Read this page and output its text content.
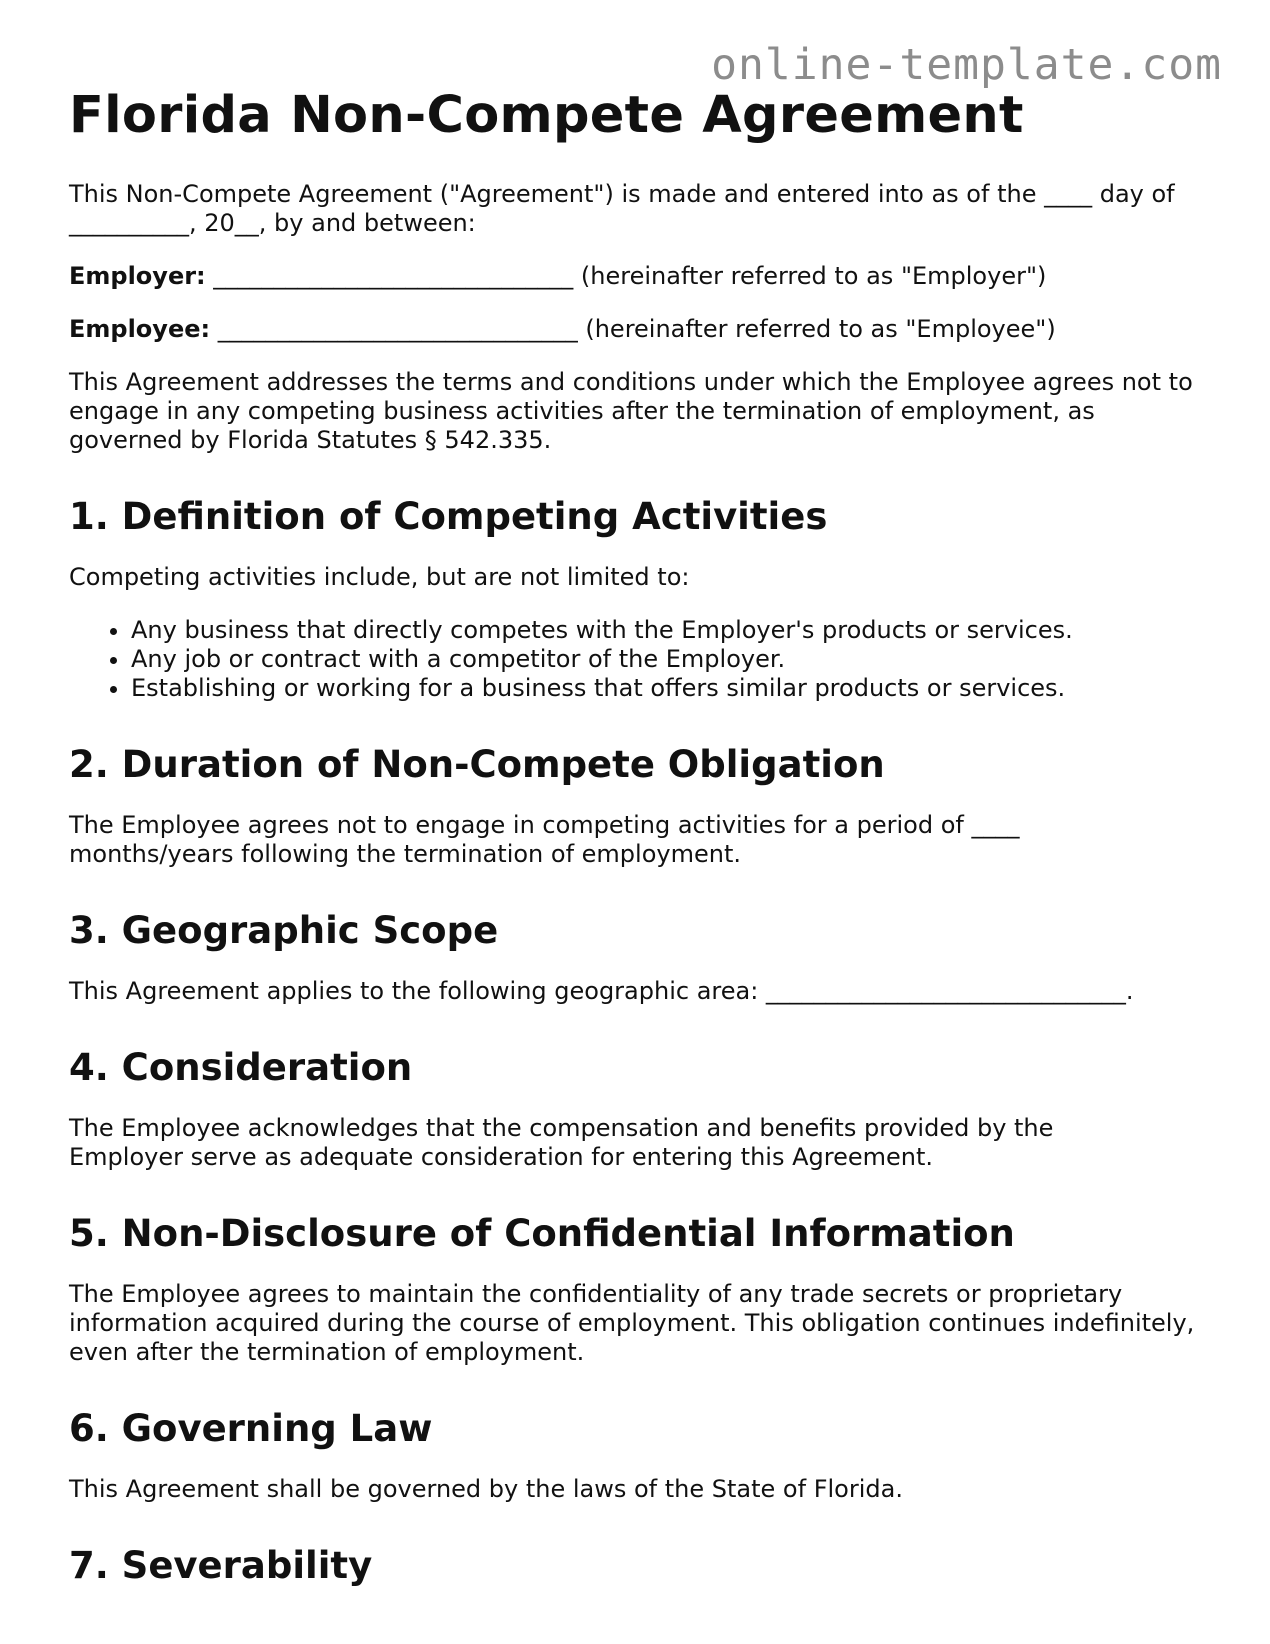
online-template.com
Florida Non-Compete Agreement

This Non-Compete Agreement ("Agreement") is made and entered into as of the ____ day of __________, 20__, by and between:

Employer: ______________________________ (hereinafter referred to as "Employer")

Employee: ______________________________ (hereinafter referred to as "Employee")

This Agreement addresses the terms and conditions under which the Employee agrees not to engage in any competing business activities after the termination of employment, as governed by Florida Statutes § 542.335.

1. Definition of Competing Activities

Competing activities include, but are not limited to:

• Any business that directly competes with the Employer's products or services.
• Any job or contract with a competitor of the Employer.
• Establishing or working for a business that offers similar products or services.
2. Duration of Non-Compete Obligation

The Employee agrees not to engage in competing activities for a period of ____ months/years following the termination of employment.

3. Geographic Scope

This Agreement applies to the following geographic area: ______________________________.

4. Consideration

The Employee acknowledges that the compensation and benefits provided by the Employer serve as adequate consideration for entering this Agreement.

5. Non-Disclosure of Confidential Information

The Employee agrees to maintain the confidentiality of any trade secrets or proprietary information acquired during the course of employment. This obligation continues indefinitely, even after the termination of employment.

6. Governing Law

This Agreement shall be governed by the laws of the State of Florida.

7. Severability
